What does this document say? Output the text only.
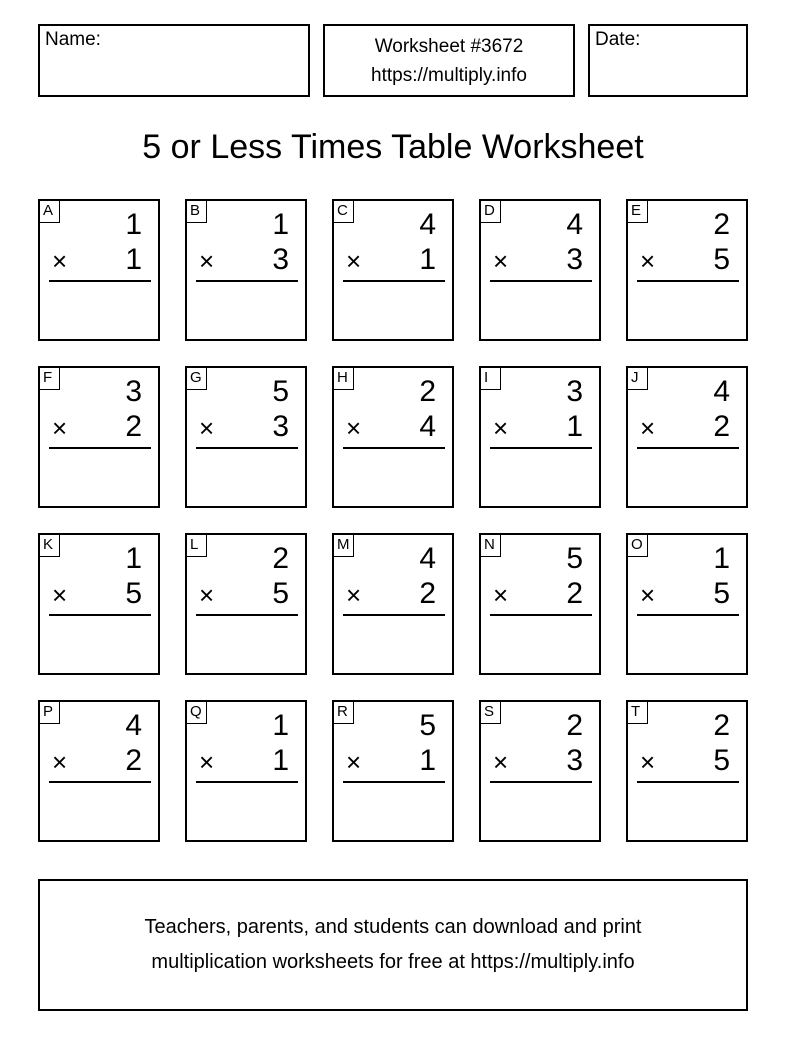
Name:	Worksheet #3672
https://multiply.info
Date:
5 or Less Times Table Worksheet
A 1
× 1
B 1
× 3
C 4
× 1
D 4
× 3
E 2
× 5
F 3
× 2
G 5
× 3
H 2
× 4
I	3
× 1
J	4
× 2
K 1
× 5
L 2
× 5
M 4
× 2
N 5
× 2
O 1
× 5
P 4
× 2
Q 1
× 1
R 5
× 1
S 2
× 3
T 2
× 5
Teachers, parents, and students can download and print
multiplication worksheets for free at https://multiply.info
